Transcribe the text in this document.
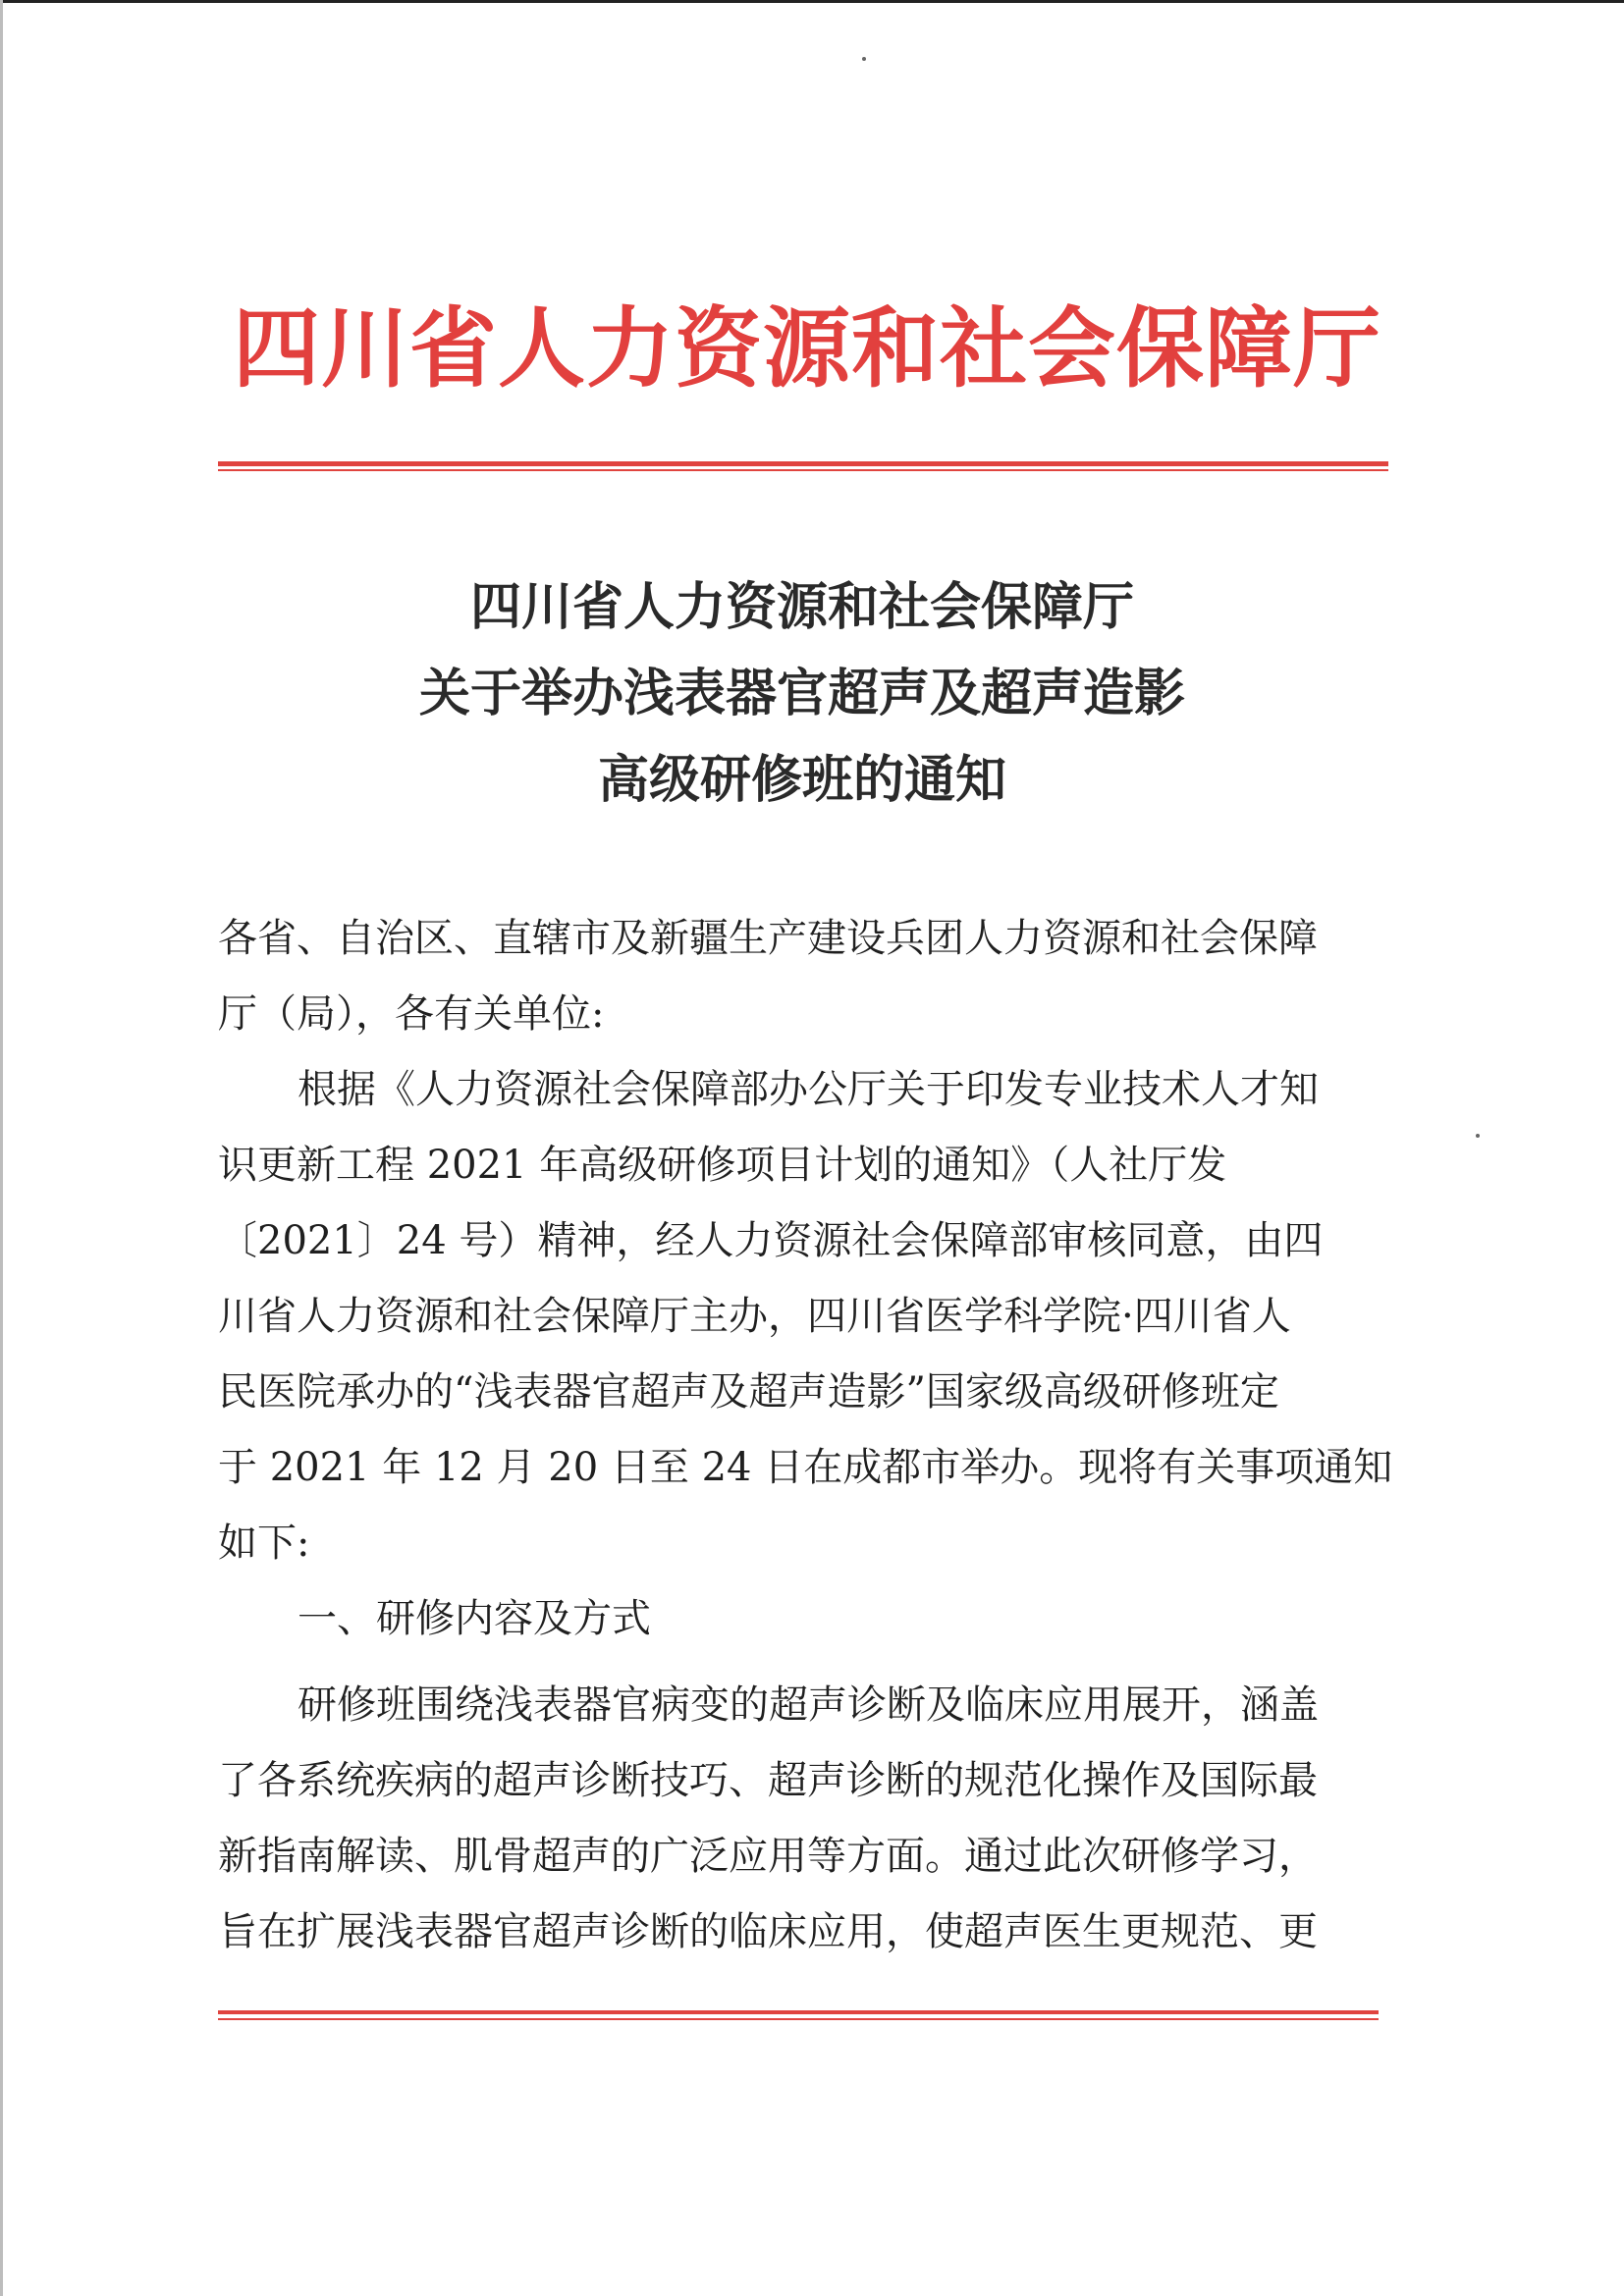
四川省人力资源和社会保障厅
四川省人力资源和社会保障厅
关于举办浅表器官超声及超声造影
高级研修班的通知
各省、自治区、直辖市及新疆生产建设兵团人力资源和社会保障
厅（局），各有关单位:
根据《人力资源社会保障部办公厅关于印发专业技术人才知
识更新工程 2021 年高级研修项目计划的通知》（人社厅发
〔2021〕24 号）精神，经人力资源社会保障部审核同意，由四
川省人力资源和社会保障厅主办，四川省医学科学院·四川省人
民医院承办的“浅表器官超声及超声造影”国家级高级研修班定
于 2021 年 12 月 20 日至 24 日在成都市举办。现将有关事项通知
如下:
一、研修内容及方式
研修班围绕浅表器官病变的超声诊断及临床应用展开，涵盖
了各系统疾病的超声诊断技巧、超声诊断的规范化操作及国际最
新指南解读、肌骨超声的广泛应用等方面。通过此次研修学习，
旨在扩展浅表器官超声诊断的临床应用，使超声医生更规范、更
